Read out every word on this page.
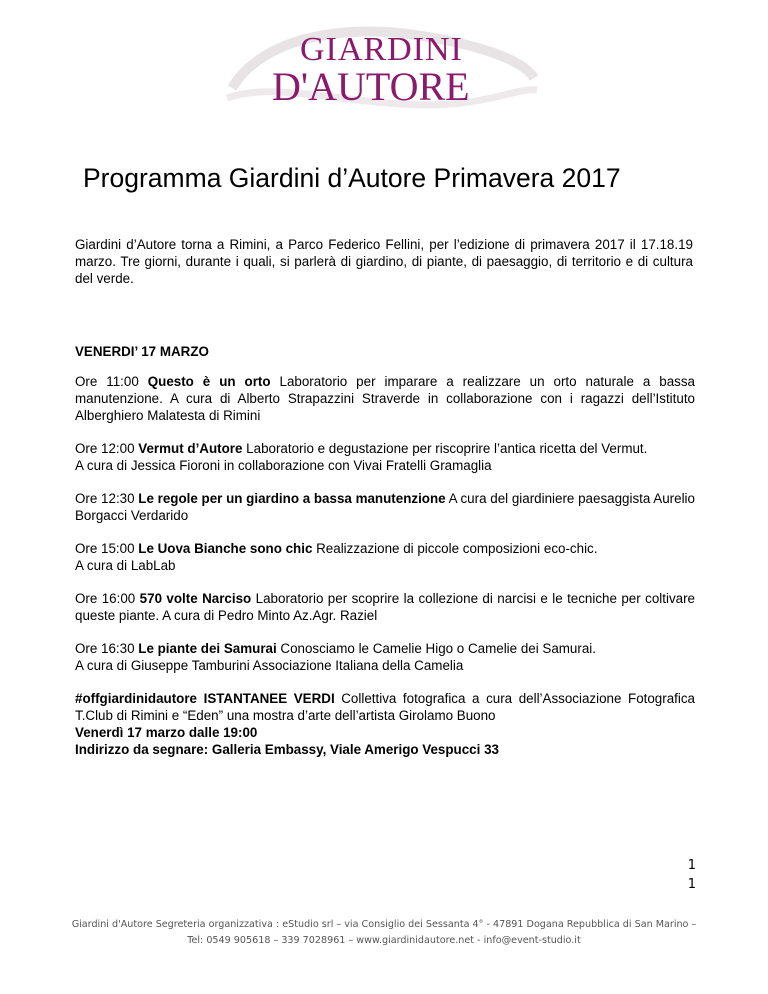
GIARDINI
D'AUTORE
Programma Giardini d’Autore Primavera 2017
Giardini d’Autore torna a Rimini, a Parco Federico Fellini, per l’edizione di primavera 2017 il 17.18.19 marzo. Tre giorni, durante i quali, si parlerà di giardino, di piante, di paesaggio, di territorio e di cultura del verde.
VENERDI’ 17 MARZO
Ore 11:00 Questo è un orto Laboratorio per imparare a realizzare un orto naturale a bassa manutenzione. A cura di Alberto Strapazzini Straverde in collaborazione con i ragazzi dell’Istituto Alberghiero Malatesta di Rimini
Ore 12:00 Vermut d’Autore Laboratorio e degustazione per riscoprire l’antica ricetta del Vermut.
A cura di Jessica Fioroni in collaborazione con Vivai Fratelli Gramaglia
Ore 12:30 Le regole per un giardino a bassa manutenzione A cura del giardiniere paesaggista Aurelio Borgacci Verdarido
Ore 15:00 Le Uova Bianche sono chic Realizzazione di piccole composizioni eco-chic.
A cura di LabLab
Ore 16:00 570 volte Narciso Laboratorio per scoprire la collezione di narcisi e le tecniche per coltivare queste piante. A cura di Pedro Minto Az.Agr. Raziel
Ore 16:30 Le piante dei Samurai Conosciamo le Camelie Higo o Camelie dei Samurai.
A cura di Giuseppe Tamburini Associazione Italiana della Camelia
#offgiardinidautore ISTANTANEE VERDI Collettiva fotografica a cura dell’Associazione Fotografica T.Club di Rimini e “Eden” una mostra d’arte dell’artista Girolamo Buono
Venerdì 17 marzo dalle 19:00
Indirizzo da segnare: Galleria Embassy, Viale Amerigo Vespucci 33
1
1
Giardini d'Autore Segreteria organizzativa : eStudio srl – via Consiglio dei Sessanta 4° - 47891 Dogana Repubblica di San Marino –
Tel: 0549 905618 – 339 7028961 – www.giardinidautore.net - info@event-studio.it
